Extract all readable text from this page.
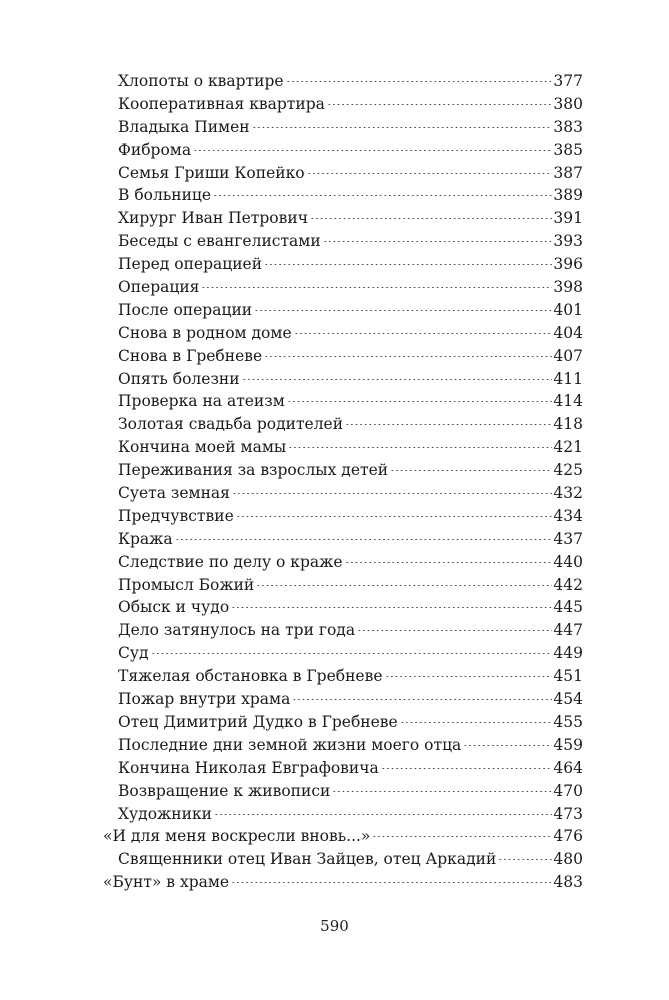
Хлопоты о квартире	377
Кооперативная квартира	380
Владыка Пимен	383
Фиброма	385
Семья Гриши Копейко	387
В больнице	389
Хирург Иван Петрович	391
Беседы с евангелистами	393
Перед операцией	396
Операция	398
После операции	401
Снова в родном доме	404
Снова в Гребневе	407
Опять болезни	411
Проверка на атеизм	414
Золотая свадьба родителей	418
Кончина моей мамы	421
Переживания за взрослых детей	425
Суета земная	432
Предчувствие	434
Кража	437
Следствие по делу о краже	440
Промысл Божий	442
Обыск и чудо	445
Дело затянулось на три года	447
Суд	449
Тяжелая обстановка в Гребневе	451
Пожар внутри храма	454
Отец Димитрий Дудко в Гребневе	455
Последние дни земной жизни моего отца	459
Кончина Николая Евграфовича	464
Возвращение к живописи	470
Художники	473
«И для меня воскресли вновь...»	476
Священники отец Иван Зайцев, отец Аркадий	480
«Бунт» в храме	483
590
